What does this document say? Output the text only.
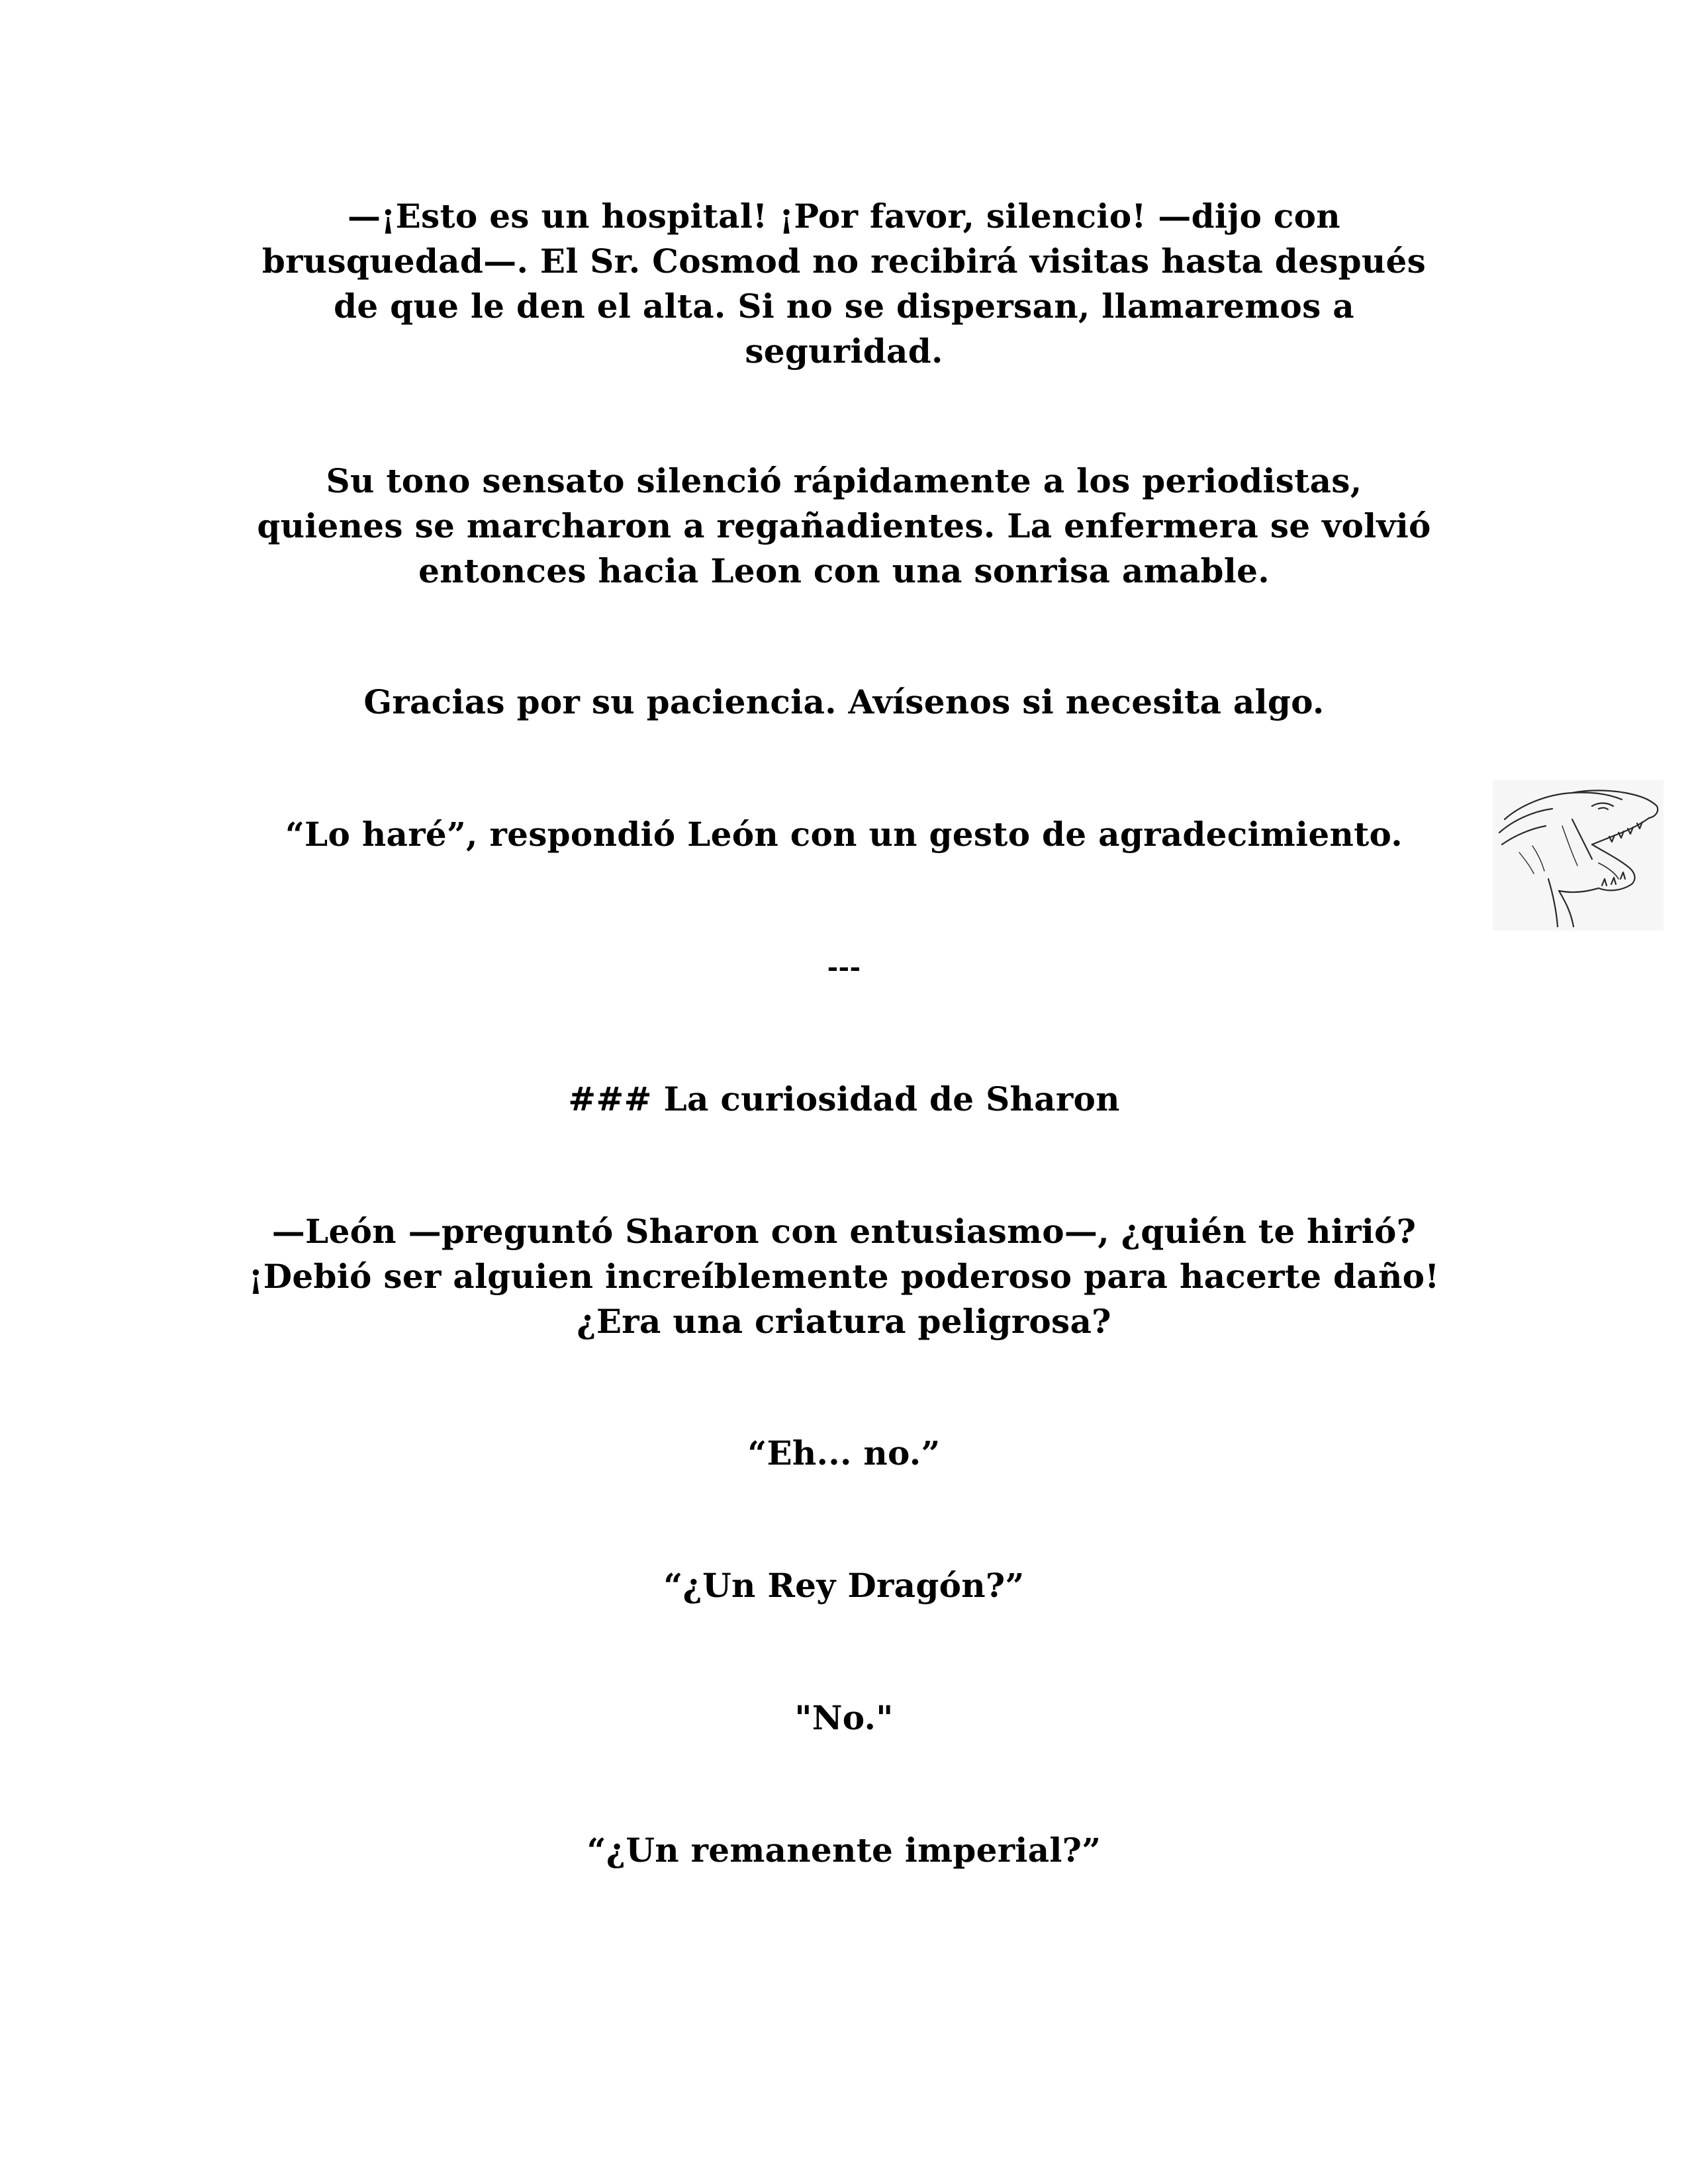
—¡Esto es un hospital! ¡Por favor, silencio! —dijo con
brusquedad—. El Sr. Cosmod no recibirá visitas hasta después
de que le den el alta. Si no se dispersan, llamaremos a
seguridad.

Su tono sensato silenció rápidamente a los periodistas,
quienes se marcharon a regañadientes. La enfermera se volvió
entonces hacia Leon con una sonrisa amable.

Gracias por su paciencia. Avísenos si necesita algo.

“Lo haré”, respondió León con un gesto de agradecimiento.

---

### La curiosidad de Sharon

—León —preguntó Sharon con entusiasmo—, ¿quién te hirió?
¡Debió ser alguien increíblemente poderoso para hacerte daño!
¿Era una criatura peligrosa?

“Eh... no.”

“¿Un Rey Dragón?”

"No."

“¿Un remanente imperial?”
